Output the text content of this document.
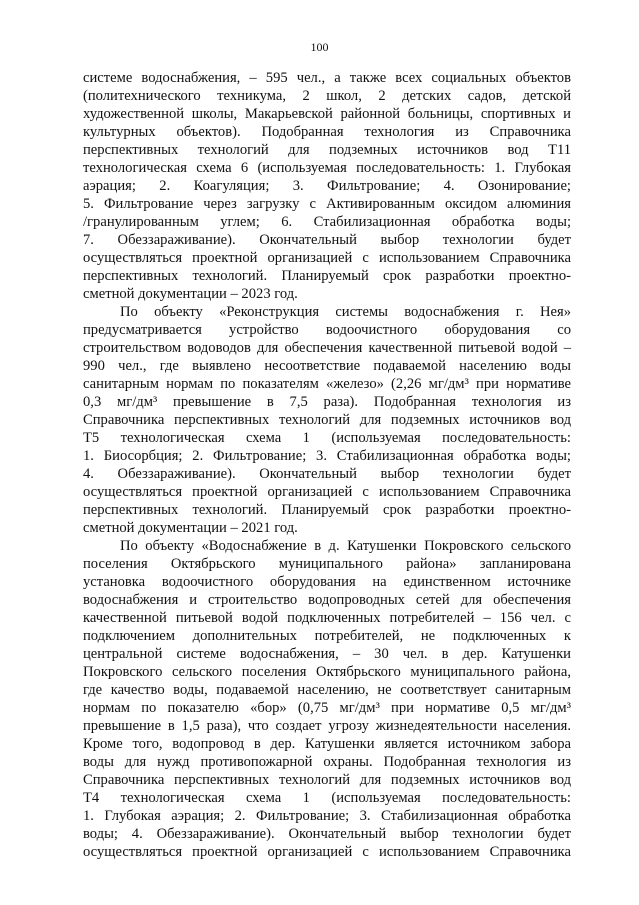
100

системе водоснабжения, – 595 чел., а также всех социальных объектов

(политехнического техникума, 2 школ, 2 детских садов, детской

художественной школы, Макарьевской районной больницы, спортивных и

культурных объектов). Подобранная технология из Справочника

перспективных технологий для подземных источников вод Т11

технологическая схема 6 (используемая последовательность: 1. Глубокая

аэрация; 2. Коагуляция; 3. Фильтрование; 4. Озонирование;

5. Фильтрование через загрузку с Активированным оксидом алюминия

/гранулированным углем; 6. Стабилизационная обработка воды;

7. Обеззараживание). Окончательный выбор технологии будет

осуществляться проектной организацией с использованием Справочника

перспективных технологий. Планируемый срок разработки проектно-

сметной документации – 2023 год.

По объекту «Реконструкция системы водоснабжения г. Нея»

предусматривается устройство водоочистного оборудования со

строительством водоводов для обеспечения качественной питьевой водой –

990 чел., где выявлено несоответствие подаваемой населению воды

санитарным нормам по показателям «железо» (2,26 мг/дм³ при нормативе

0,3 мг/дм³ превышение в 7,5 раза). Подобранная технология из

Справочника перспективных технологий для подземных источников вод

Т5 технологическая схема 1 (используемая последовательность:

1. Биосорбция; 2. Фильтрование; 3. Стабилизационная обработка воды;

4. Обеззараживание). Окончательный выбор технологии будет

осуществляться проектной организацией с использованием Справочника

перспективных технологий. Планируемый срок разработки проектно-

сметной документации – 2021 год.

По объекту «Водоснабжение в д. Катушенки Покровского сельского

поселения Октябрьского муниципального района» запланирована

установка водоочистного оборудования на единственном источнике

водоснабжения и строительство водопроводных сетей для обеспечения

качественной питьевой водой подключенных потребителей – 156 чел. с

подключением дополнительных потребителей, не подключенных к

центральной системе водоснабжения, – 30 чел. в дер. Катушенки

Покровского сельского поселения Октябрьского муниципального района,

где качество воды, подаваемой населению, не соответствует санитарным

нормам по показателю «бор» (0,75 мг/дм³ при нормативе 0,5 мг/дм³

превышение в 1,5 раза), что создает угрозу жизнедеятельности населения.

Кроме того, водопровод в дер. Катушенки является источником забора

воды для нужд противопожарной охраны. Подобранная технология из

Справочника перспективных технологий для подземных источников вод

Т4 технологическая схема 1 (используемая последовательность:

1. Глубокая аэрация; 2. Фильтрование; 3. Стабилизационная обработка

воды; 4. Обеззараживание). Окончательный выбор технологии будет

осуществляться проектной организацией с использованием Справочника
